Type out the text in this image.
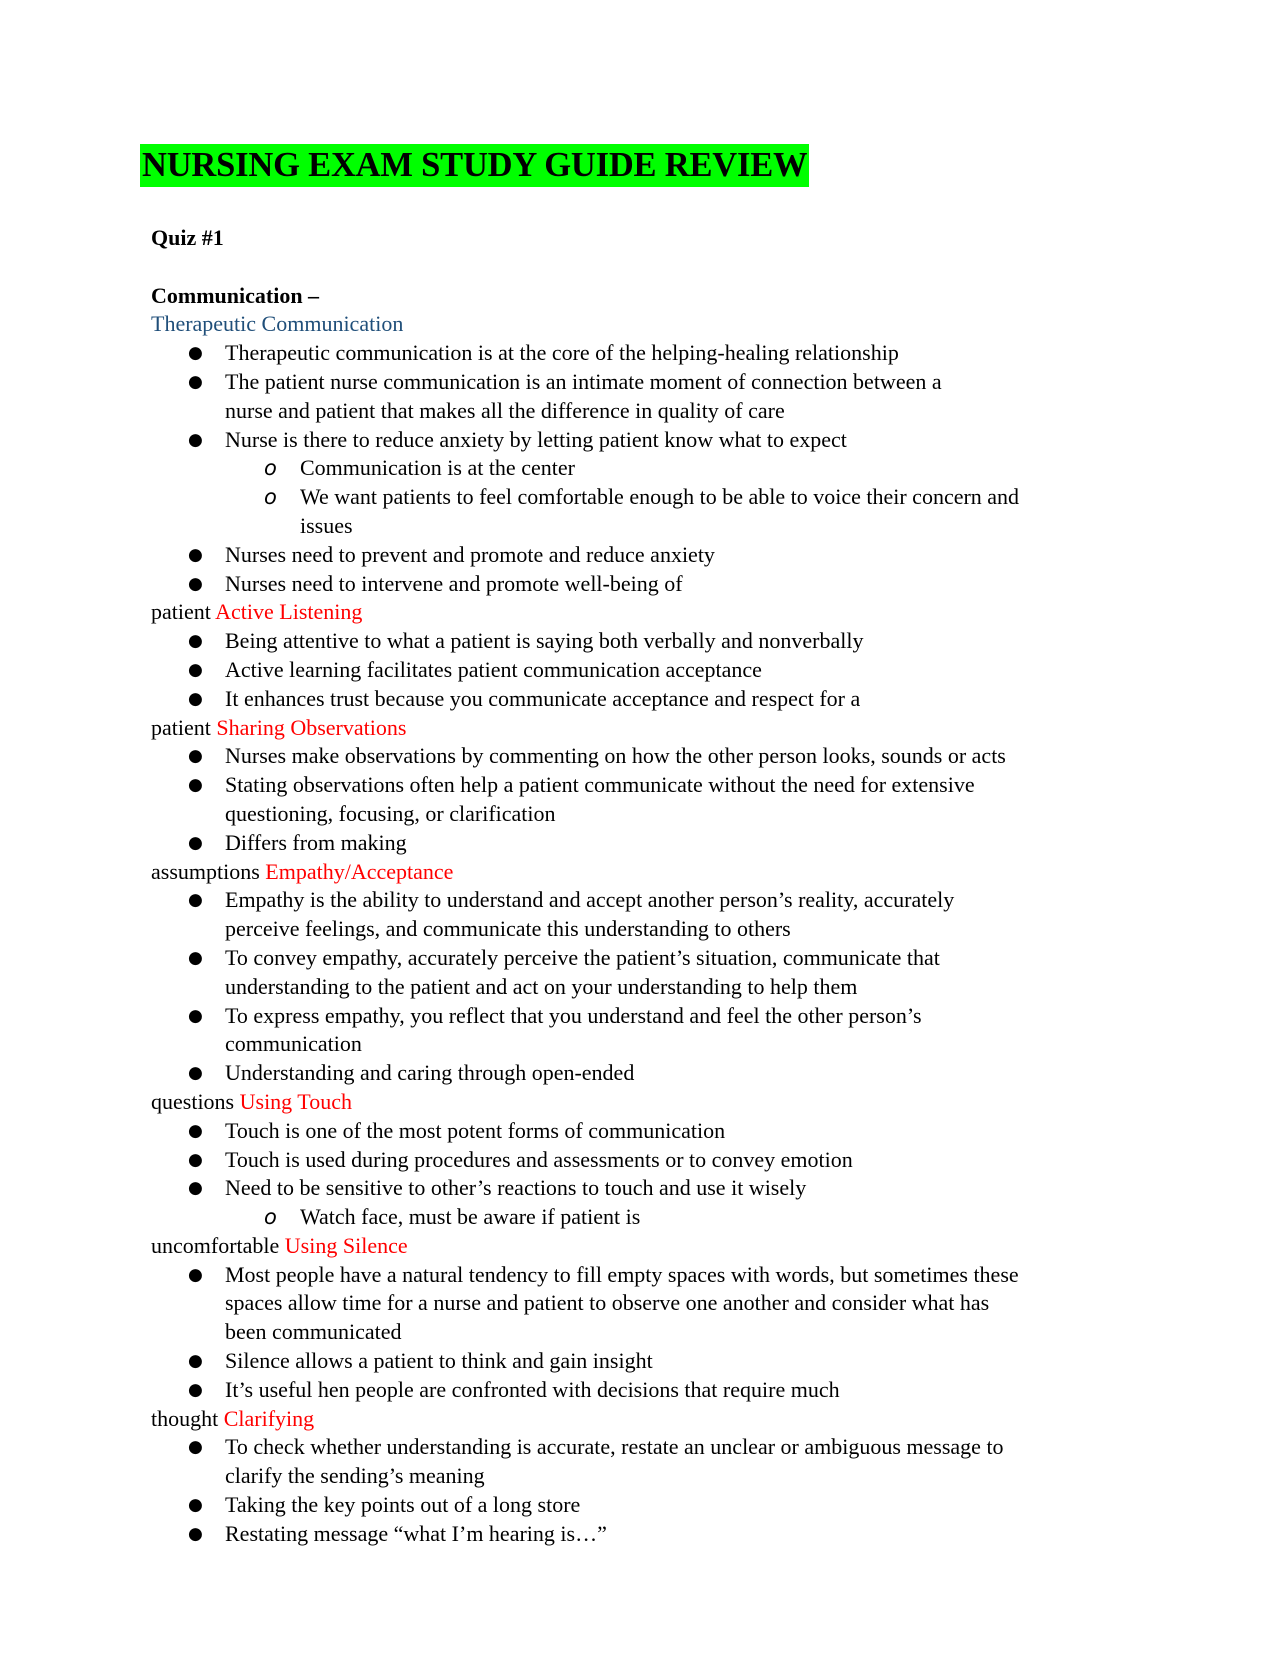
NURSING EXAM STUDY GUIDE REVIEW

Quiz #1

Communication –

Therapeutic Communication

● Therapeutic communication is at the core of the helping-healing relationship
● The patient nurse communication is an intimate moment of connection between a nurse and patient that makes all the difference in quality of care
● Nurse is there to reduce anxiety by letting patient know what to expect
o Communication is at the center
o We want patients to feel comfortable enough to be able to voice their concern and issues
● Nurses need to prevent and promote and reduce anxiety
● Nurses need to intervene and promote well-being of

patient Active Listening

● Being attentive to what a patient is saying both verbally and nonverbally
● Active learning facilitates patient communication acceptance
● It enhances trust because you communicate acceptance and respect for a

patient Sharing Observations

● Nurses make observations by commenting on how the other person looks, sounds or acts
● Stating observations often help a patient communicate without the need for extensive questioning, focusing, or clarification
● Differs from making

assumptions Empathy/Acceptance

● Empathy is the ability to understand and accept another person’s reality, accurately perceive feelings, and communicate this understanding to others
● To convey empathy, accurately perceive the patient’s situation, communicate that understanding to the patient and act on your understanding to help them
● To express empathy, you reflect that you understand and feel the other person’s communication
● Understanding and caring through open-ended

questions Using Touch

● Touch is one of the most potent forms of communication
● Touch is used during procedures and assessments or to convey emotion
● Need to be sensitive to other’s reactions to touch and use it wisely
o Watch face, must be aware if patient is

uncomfortable Using Silence

● Most people have a natural tendency to fill empty spaces with words, but sometimes these spaces allow time for a nurse and patient to observe one another and consider what has been communicated
● Silence allows a patient to think and gain insight
● It’s useful hen people are confronted with decisions that require much

thought Clarifying

● To check whether understanding is accurate, restate an unclear or ambiguous message to clarify the sending’s meaning
● Taking the key points out of a long store
● Restating message “what I’m hearing is…”
